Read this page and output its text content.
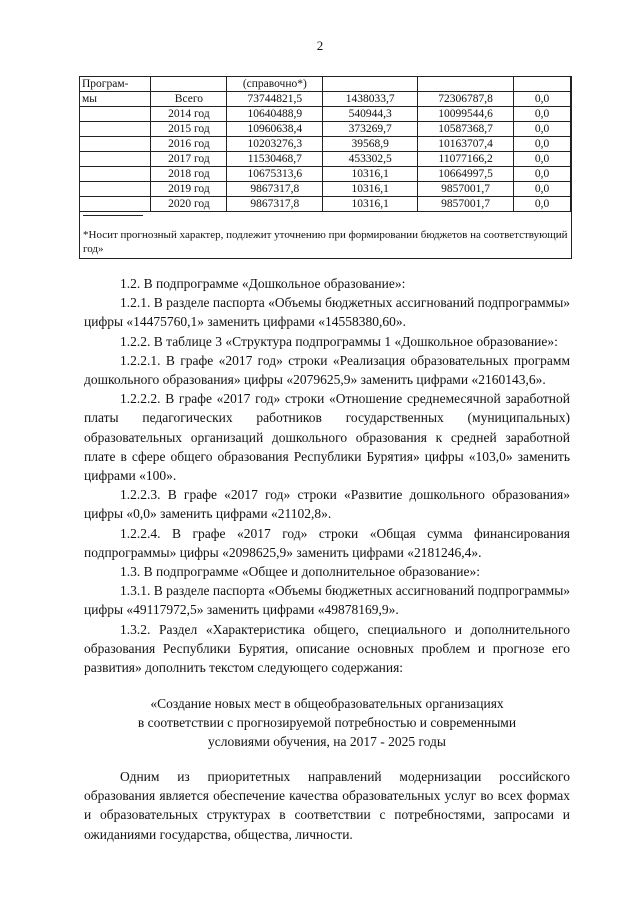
2
Програм-		(справочно*)			
мы	Всего	73744821,5	1438033,7	72306787,8	0,0
	2014 год	10640488,9	540944,3	10099544,6	0,0
	2015 год	10960638,4	373269,7	10587368,7	0,0
	2016 год	10203276,3	39568,9	10163707,4	0,0
	2017 год	11530468,7	453302,5	11077166,2	0,0
	2018 год	10675313,6	10316,1	10664997,5	0,0
	2019 год	9867317,8	10316,1	9857001,7	0,0
	2020 год	9867317,8	10316,1	9857001,7	0,0
*Носит прогнозный характер, подлежит уточнению при формировании бюджетов на соответствующий год»

1.2. В подпрограмме «Дошкольное образование»:

1.2.1. В разделе паспорта «Объемы бюджетных ассигнований подпрограммы» цифры «14475760,1» заменить цифрами «14558380,60».

1.2.2. В таблице 3 «Структура подпрограммы 1 «Дошкольное образование»:

1.2.2.1. В графе «2017 год» строки «Реализация образовательных программ дошкольного образования» цифры «2079625,9» заменить цифрами «2160143,6».

1.2.2.2. В графе «2017 год» строки «Отношение среднемесячной заработной платы педагогических работников государственных (муниципальных) образовательных организаций дошкольного образования к средней заработной плате в сфере общего образования Республики Бурятия» цифры «103,0» заменить цифрами «100».

1.2.2.3. В графе «2017 год» строки «Развитие дошкольного образования» цифры «0,0» заменить цифрами «21102,8».

1.2.2.4. В графе «2017 год» строки «Общая сумма финансирования подпрограммы» цифры «2098625,9» заменить цифрами «2181246,4».

1.3. В подпрограмме «Общее и дополнительное образование»:

1.3.1. В разделе паспорта «Объемы бюджетных ассигнований подпрограммы» цифры «49117972,5» заменить цифрами «49878169,9».

1.3.2. Раздел «Характеристика общего, специального и дополнительного образования Республики Бурятия, описание основных проблем и прогнозе его развития» дополнить текстом следующего содержания:

«Создание новых мест в общеобразовательных организациях
в соответствии с прогнозируемой потребностью и современными
условиями обучения, на 2017 - 2025 годы

Одним из приоритетных направлений модернизации российского образования является обеспечение качества образовательных услуг во всех формах и образовательных структурах в соответствии с потребностями, запросами и ожиданиями государства, общества, личности.
